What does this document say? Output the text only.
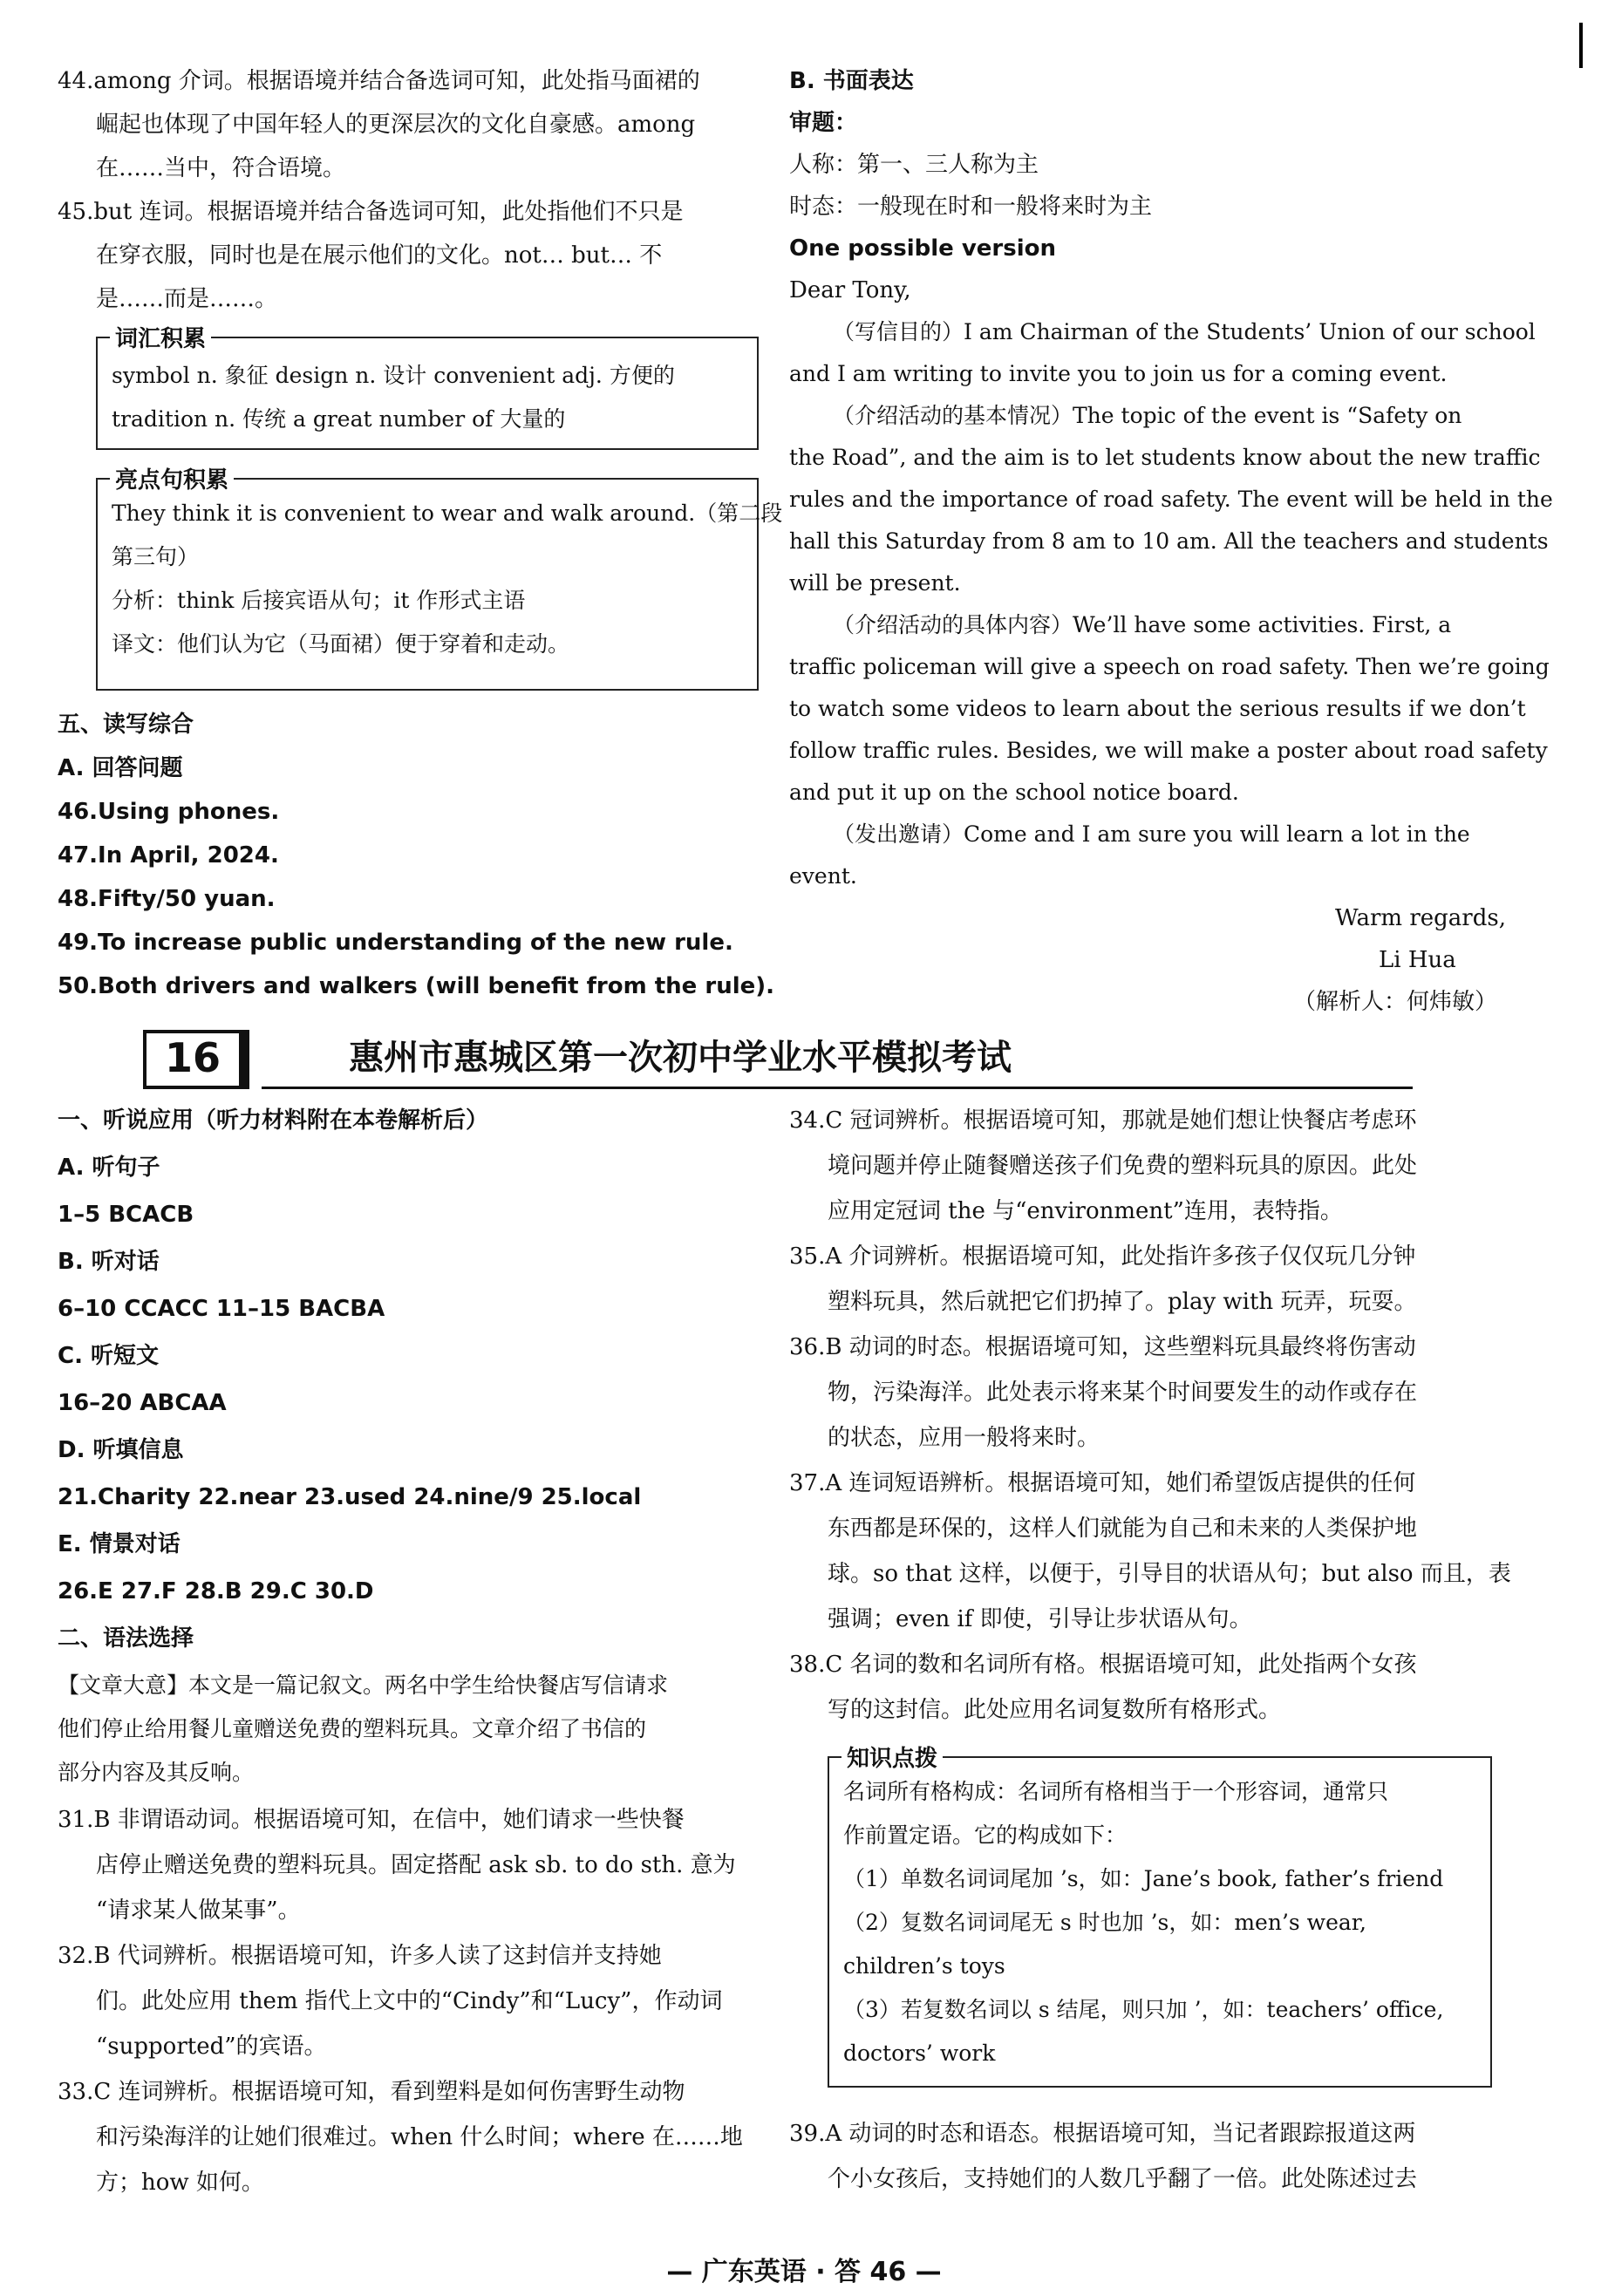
44.among 介词。根据语境并结合备选词可知，此处指马面裙的
崛起也体现了中国年轻人的更深层次的文化自豪感。among
在……当中，符合语境。
45.but 连词。根据语境并结合备选词可知，此处指他们不只是
在穿衣服，同时也是在展示他们的文化。not… but… 不
是……而是……。
词汇积累
symbol n. 象征 design n. 设计 convenient adj. 方便的
tradition n. 传统 a great number of 大量的
亮点句积累
They think it is convenient to wear and walk around.（第二段
第三句）
分析：think 后接宾语从句；it 作形式主语
译文：他们认为它（马面裙）便于穿着和走动。
五、读写综合
A. 回答问题
46.Using phones.
47.In April, 2024.
48.Fifty/50 yuan.
49.To increase public understanding of the new rule.
50.Both drivers and walkers (will benefit from the rule).
B. 书面表达
审题：
人称：第一、三人称为主
时态：一般现在时和一般将来时为主
One possible version
Dear Tony,
（写信目的）I am Chairman of the Students’ Union of our school
and I am writing to invite you to join us for a coming event.
（介绍活动的基本情况）The topic of the event is “Safety on
the Road”, and the aim is to let students know about the new traffic
rules and the importance of road safety. The event will be held in the
hall this Saturday from 8 am to 10 am. All the teachers and students
will be present.
（介绍活动的具体内容）We’ll have some activities. First, a
traffic policeman will give a speech on road safety. Then we’re going
to watch some videos to learn about the serious results if we don’t
follow traffic rules. Besides, we will make a poster about road safety
and put it up on the school notice board.
（发出邀请）Come and I am sure you will learn a lot in the
event.
Warm regards,
Li Hua
（解析人：何炜敏）
16	惠州市惠城区第一次初中学业水平模拟考试
一、听说应用（听力材料附在本卷解析后）
A. 听句子
1–5 BCACB
B. 听对话
6–10 CCACC 11–15 BACBA
C. 听短文
16–20 ABCAA
D. 听填信息
21.Charity 22.near 23.used 24.nine/9 25.local
E. 情景对话
26.E 27.F 28.B 29.C 30.D
二、语法选择
【文章大意】本文是一篇记叙文。两名中学生给快餐店写信请求
他们停止给用餐儿童赠送免费的塑料玩具。文章介绍了书信的
部分内容及其反响。
31.B 非谓语动词。根据语境可知，在信中，她们请求一些快餐
店停止赠送免费的塑料玩具。固定搭配 ask sb. to do sth. 意为
“请求某人做某事”。
32.B 代词辨析。根据语境可知，许多人读了这封信并支持她
们。此处应用 them 指代上文中的“Cindy”和“Lucy”，作动词
“supported”的宾语。
33.C 连词辨析。根据语境可知，看到塑料是如何伤害野生动物
和污染海洋的让她们很难过。when 什么时间；where 在……地
方；how 如何。
34.C 冠词辨析。根据语境可知，那就是她们想让快餐店考虑环
境问题并停止随餐赠送孩子们免费的塑料玩具的原因。此处
应用定冠词 the 与“environment”连用，表特指。
35.A 介词辨析。根据语境可知，此处指许多孩子仅仅玩几分钟
塑料玩具，然后就把它们扔掉了。play with 玩弄，玩耍。
36.B 动词的时态。根据语境可知，这些塑料玩具最终将伤害动
物，污染海洋。此处表示将来某个时间要发生的动作或存在
的状态，应用一般将来时。
37.A 连词短语辨析。根据语境可知，她们希望饭店提供的任何
东西都是环保的，这样人们就能为自己和未来的人类保护地
球。so that 这样，以便于，引导目的状语从句；but also 而且，表
强调；even if 即使，引导让步状语从句。
38.C 名词的数和名词所有格。根据语境可知，此处指两个女孩
写的这封信。此处应用名词复数所有格形式。
知识点拨
名词所有格构成：名词所有格相当于一个形容词，通常只
作前置定语。它的构成如下：
（1）单数名词词尾加 ’s，如：Jane’s book, father’s friend
（2）复数名词词尾无 s 时也加 ’s，如：men’s wear,
children’s toys
（3）若复数名词以 s 结尾，则只加 ’，如：teachers’ office,
doctors’ work
39.A 动词的时态和语态。根据语境可知，当记者跟踪报道这两
个小女孩后，支持她们的人数几乎翻了一倍。此处陈述过去
— 广东英语 · 答 46 —
